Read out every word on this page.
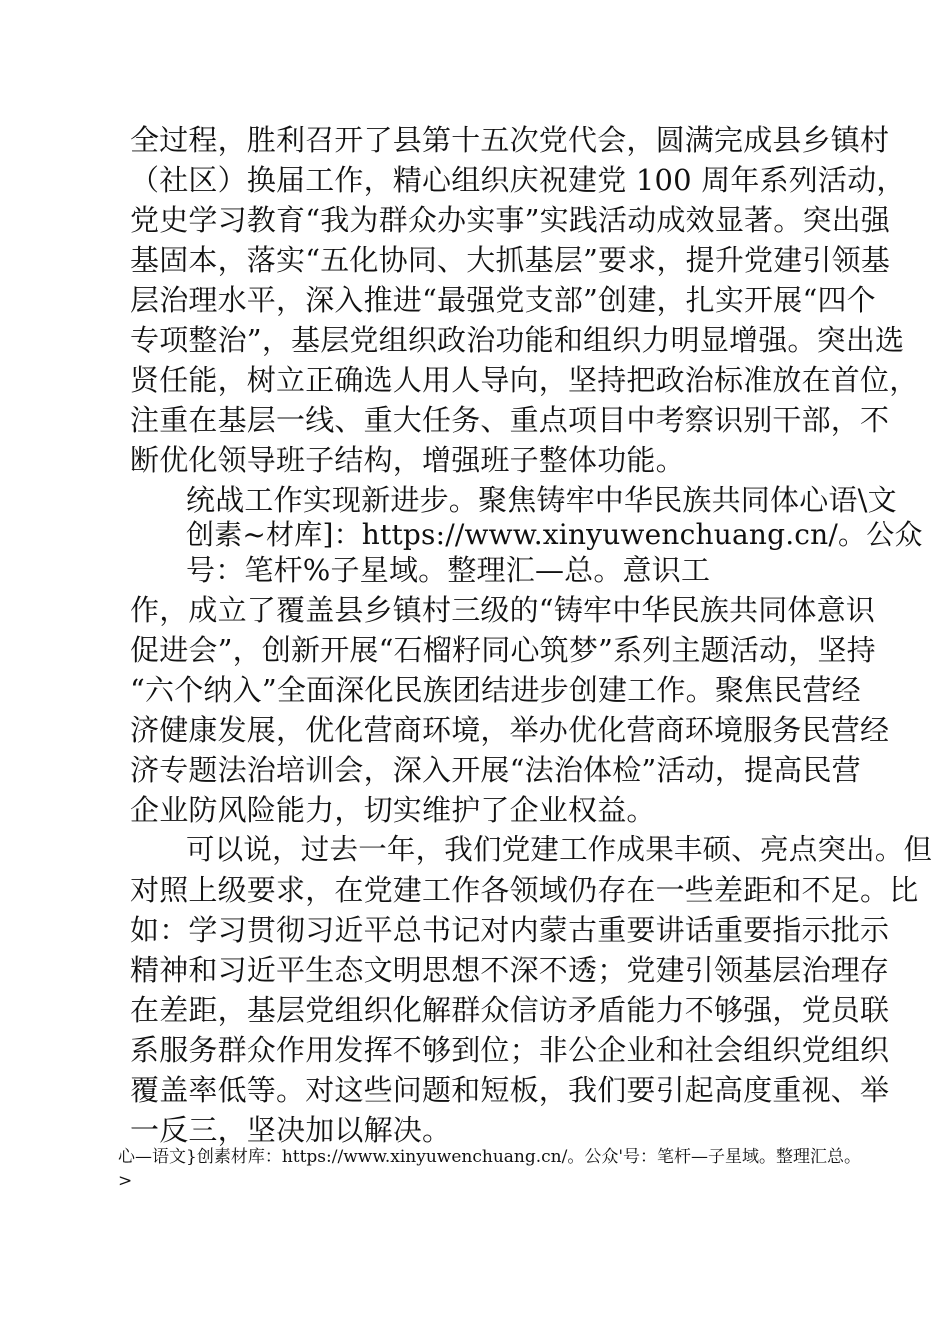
全过程，胜利召开了县第十五次党代会，圆满完成县乡镇村
（社区）换届工作，精心组织庆祝建党 100 周年系列活动，
党史学习教育“我为群众办实事”实践活动成效显著。突出强
基固本，落实“五化协同、大抓基层”要求，提升党建引领基
层治理水平，深入推进“最强党支部”创建，扎实开展“四个
专项整治”，基层党组织政治功能和组织力明显增强。突出选
贤任能，树立正确选人用人导向，坚持把政治标准放在首位，
注重在基层一线、重大任务、重点项目中考察识别干部，不
断优化领导班子结构，增强班子整体功能。
统战工作实现新进步。聚焦铸牢中华民族共同体心语\文
创素~材库]：https://www.xinyuwenchuang.cn/。公众
号：笔杆%子星域。整理汇—总。意识工
作，成立了覆盖县乡镇村三级的“铸牢中华民族共同体意识
促进会”，创新开展“石榴籽同心筑梦”系列主题活动，坚持
“六个纳入”全面深化民族团结进步创建工作。聚焦民营经
济健康发展，优化营商环境，举办优化营商环境服务民营经
济专题法治培训会，深入开展“法治体检”活动，提高民营
企业防风险能力，切实维护了企业权益。
可以说，过去一年，我们党建工作成果丰硕、亮点突出。但
对照上级要求，在党建工作各领域仍存在一些差距和不足。比
如：学习贯彻习近平总书记对内蒙古重要讲话重要指示批示
精神和习近平生态文明思想不深不透；党建引领基层治理存
在差距，基层党组织化解群众信访矛盾能力不够强，党员联
系服务群众作用发挥不够到位；非公企业和社会组织党组织
覆盖率低等。对这些问题和短板，我们要引起高度重视、举
一反三，坚决加以解决。
心—语文}创素材库：https://www.xinyuwenchuang.cn/。公众'号：笔杆—子星域。整理汇总。
>
